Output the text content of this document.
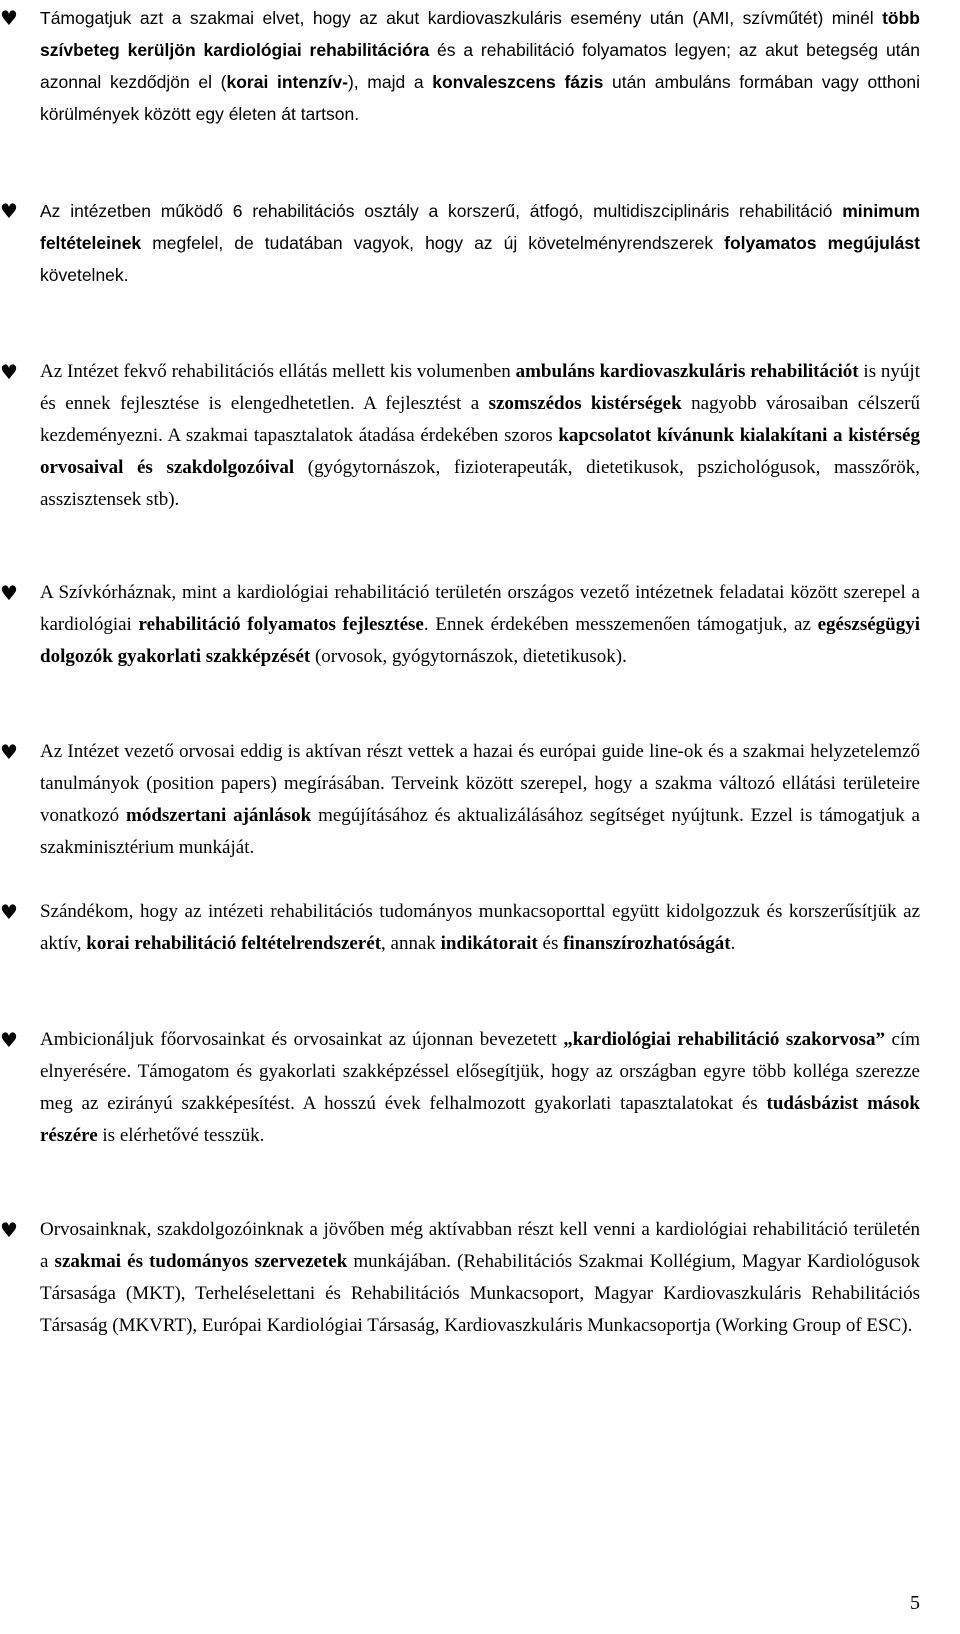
♥	Támogatjuk azt a szakmai elvet, hogy az akut kardiovaszkuláris esemény után (AMI, szívműtét) minél több szívbeteg kerüljön kardiológiai rehabilitációra és a rehabilitáció folyamatos legyen; az akut betegség után azonnal kezdődjön el (korai intenzív-), majd a konvaleszcens fázis után ambuláns formában vagy otthoni körülmények között egy életen át tartson.

♥	Az intézetben működő 6 rehabilitációs osztály a korszerű, átfogó, multidiszciplináris rehabilitáció minimum feltételeinek megfelel, de tudatában vagyok, hogy az új követelményrendszerek folyamatos megújulást követelnek.

♥	Az Intézet fekvő rehabilitációs ellátás mellett kis volumenben ambuláns kardiovaszkuláris rehabilitációt is nyújt és ennek fejlesztése is elengedhetetlen. A fejlesztést a szomszédos kistérségek nagyobb városaiban célszerű kezdeményezni. A szakmai tapasztalatok átadása érdekében szoros kapcsolatot kívánunk kialakítani a kistérség orvosaival és szakdolgozóival (gyógytornászok, fizioterapeuták, dietetikusok, pszichológusok, masszőrök, asszisztensek stb).

♥	A Szívkórháznak, mint a kardiológiai rehabilitáció területén országos vezető intézetnek feladatai között szerepel a kardiológiai rehabilitáció folyamatos fejlesztése. Ennek érdekében messzemenően támogatjuk, az egészségügyi dolgozók gyakorlati szakképzését (orvosok, gyógytornászok, dietetikusok).

♥	Az Intézet vezető orvosai eddig is aktívan részt vettek a hazai és európai guide line-ok és a szakmai helyzetelemző tanulmányok (position papers) megírásában. Terveink között szerepel, hogy a szakma változó ellátási területeire vonatkozó módszertani ajánlások megújításához és aktualizálásához segítséget nyújtunk. Ezzel is támogatjuk a szakminisztérium munkáját.

♥	Szándékom, hogy az intézeti rehabilitációs tudományos munkacsoporttal együtt kidolgozzuk és korszerűsítjük az aktív, korai rehabilitáció feltételrendszerét, annak indikátorait és finanszírozhatóságát.

♥	Ambicionáljuk főorvosainkat és orvosainkat az újonnan bevezetett „kardiológiai rehabilitáció szakorvosa” cím elnyerésére. Támogatom és gyakorlati szakképzéssel elősegítjük, hogy az országban egyre több kolléga szerezze meg az ezirányú szakképesítést. A hosszú évek felhalmozott gyakorlati tapasztalatokat és tudásbázist mások részére is elérhetővé tesszük.

♥	Orvosainknak, szakdolgozóinknak a jövőben még aktívabban részt kell venni a kardiológiai rehabilitáció területén a szakmai és tudományos szervezetek munkájában. (Rehabilitációs Szakmai Kollégium, Magyar Kardiológusok Társasága (MKT), Terheléselettani és Rehabilitációs Munkacsoport, Magyar Kardiovaszkuláris Rehabilitációs Társaság (MKVRT), Európai Kardiológiai Társaság, Kardiovaszkuláris Munkacsoportja (Working Group of ESC).

5
